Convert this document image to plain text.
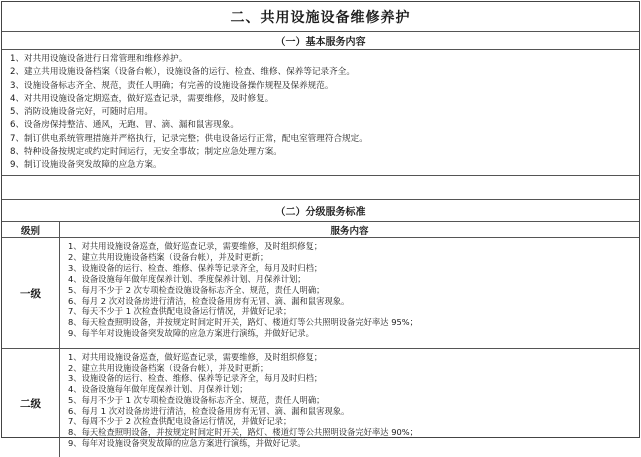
二、共用设施设备维修养护
（一）基本服务内容
1、对共用设施设备进行日常管理和维修养护。
2、建立共用设施设备档案（设备台帐），设施设备的运行、检查、维修、保养等记录齐全。
3、设施设备标志齐全、规范，责任人明确；有完善的设施设备操作规程及保养规范。
4、对共用设施设备定期巡查，做好巡查记录，需要维修，及时修复。
5、消防设施设备完好，可随时启用。
6、设备房保持整洁、通风，无跑、冒、滴、漏和鼠害现象。
7、制订供电系统管理措施并严格执行，记录完整；供电设备运行正常，配电室管理符合规定。
8、特种设备按规定或约定时间运行，无安全事故；制定应急处理方案。
9、制订设施设备突发故障的应急方案。
（二）分级服务标准
级别	服务内容
一级
1、对共用设施设备巡查，做好巡查记录，需要维修，及时组织修复；
2、建立共用设施设备档案（设备台帐），并及时更新；
3、设施设备的运行、检查、维修、保养等记录齐全，每月及时归档；
4、设备设施每年做年度保养计划、季度保养计划、月保养计划；
5、每月不少于 2 次专项检查设施设备标志齐全、规范，责任人明确；
6、每月 2 次对设备房进行清洁，检查设备用房有无冒、滴、漏和鼠害现象。
7、每天不少于 1 次检查供配电设备运行情况，并做好记录；
8、每天检查照明设备，并按规定时间定时开关，路灯、楼道灯等公共照明设备完好率达 95%；
9、每半年对设施设备突发故障的应急方案进行演练，并做好记录。
二级
1、对共用设施设备巡查，做好巡查记录，需要维修，及时组织修复；
2、建立共用设施设备档案（设备台帐），并及时更新；
3、设施设备的运行、检查、维修、保养等记录齐全，每月及时归档；
4、设备设施每年做年度保养计划、月保养计划；
5、每月不少于 1 次专项检查设施设备标志齐全、规范，责任人明确；
6、每月 1 次对设备房进行清洁，检查设备用房有无冒、滴、漏和鼠害现象。
7、每周不少于 2 次检查供配电设备运行情况，并做好记录；
8、每天检查照明设备，并按规定时间定时开关，路灯、楼道灯等公共照明设备完好率达 90%；
9、每年对设施设备突发故障的应急方案进行演练，并做好记录。
